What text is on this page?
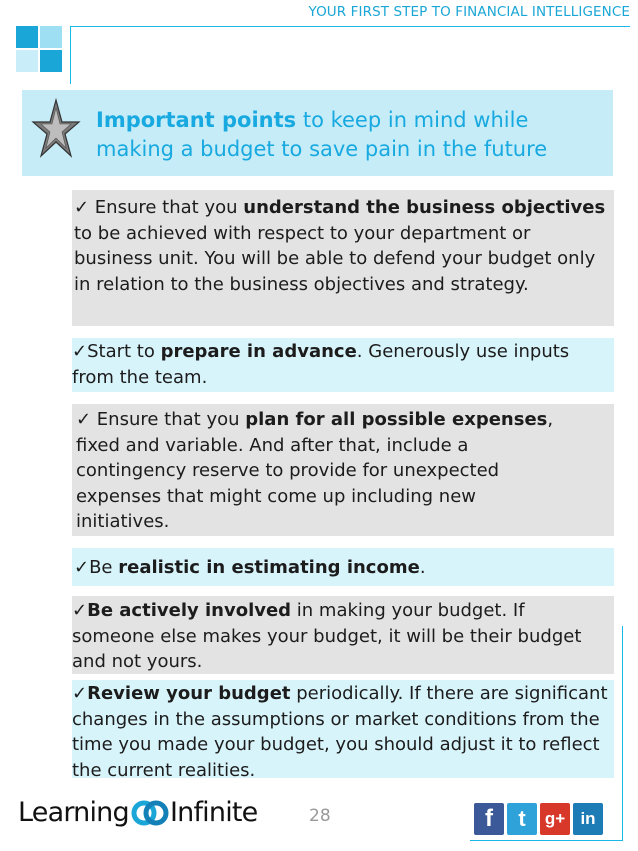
YOUR FIRST STEP TO FINANCIAL INTELLIGENCE
Important points to keep in mind while making a budget to save pain in the future
✓ Ensure that you understand the business objectives to be achieved with respect to your department or business unit. You will be able to defend your budget only in relation to the business objectives and strategy.
✓Start to prepare in advance. Generously use inputs from the team.
✓ Ensure that you plan for all possible expenses, fixed and variable. And after that, include a contingency reserve to provide for unexpected expenses that might come up including new initiatives.
✓Be realistic in estimating income.
✓Be actively involved in making your budget. If someone else makes your budget, it will be their budget and not yours.
✓Review your budget periodically. If there are significant changes in the assumptions or market conditions from the time you made your budget, you should adjust it to reflect the current realities.
Learning Infinite	28	f	t	g+ in
